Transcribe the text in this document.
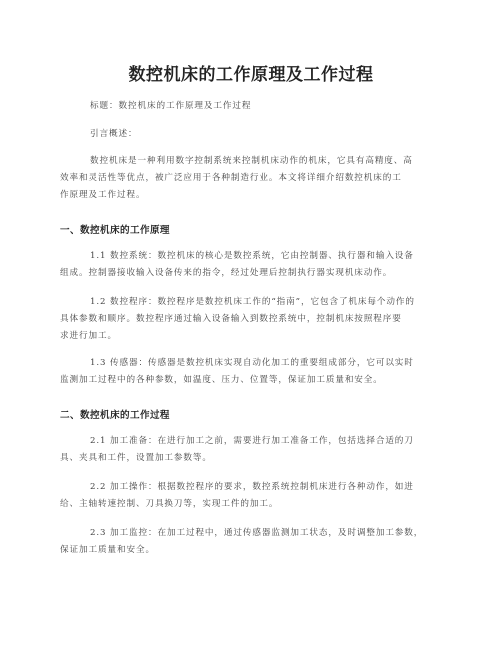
数控机床的工作原理及工作过程

标题：数控机床的工作原理及工作过程

引言概述：

数控机床是一种利用数字控制系统来控制机床动作的机床，它具有高精度、高
效率和灵活性等优点，被广泛应用于各种制造行业。本文将详细介绍数控机床的工
作原理及工作过程。

一、数控机床的工作原理

1.1 数控系统：数控机床的核心是数控系统，它由控制器、执行器和输入设备
组成。控制器接收输入设备传来的指令，经过处理后控制执行器实现机床动作。

1.2 数控程序：数控程序是数控机床工作的“指南”，它包含了机床每个动作的
具体参数和顺序。数控程序通过输入设备输入到数控系统中，控制机床按照程序要
求进行加工。

1.3 传感器：传感器是数控机床实现自动化加工的重要组成部分，它可以实时
监测加工过程中的各种参数，如温度、压力、位置等，保证加工质量和安全。

二、数控机床的工作过程

2.1 加工准备：在进行加工之前，需要进行加工准备工作，包括选择合适的刀
具、夹具和工件，设置加工参数等。

2.2 加工操作：根据数控程序的要求，数控系统控制机床进行各种动作，如进
给、主轴转速控制、刀具换刀等，实现工件的加工。

2.3 加工监控：在加工过程中，通过传感器监测加工状态，及时调整加工参数，
保证加工质量和安全。
